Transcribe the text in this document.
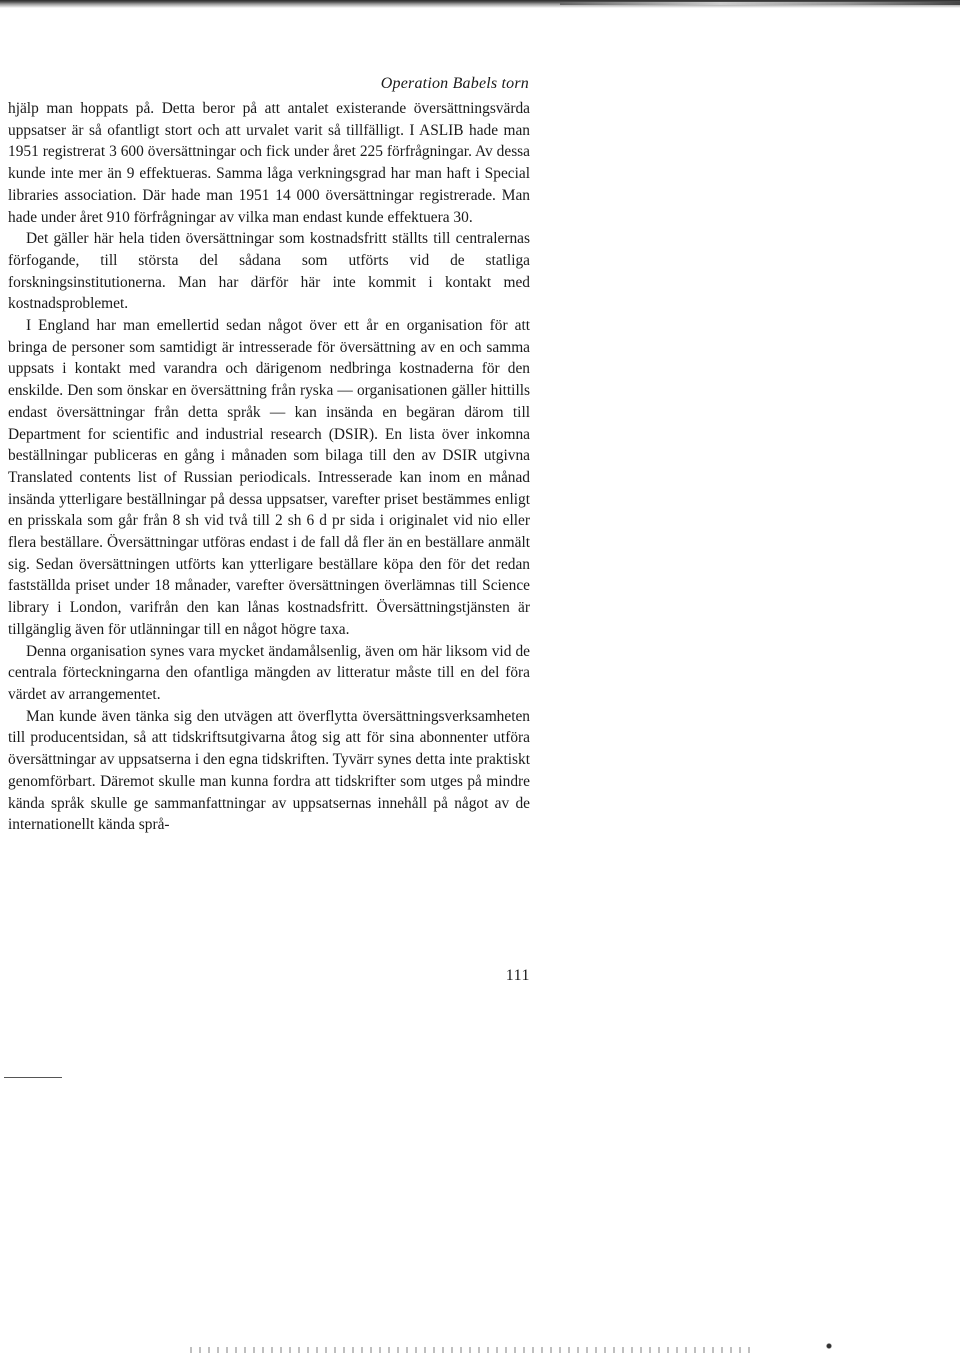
Operation Babels torn

hjälp man hoppats på. Detta beror på att antalet existerande översättningsvärda uppsatser är så ofantligt stort och att urvalet varit så tillfälligt. I ASLIB hade man 1951 registrerat 3 600 översättningar och fick under året 225 förfrågningar. Av dessa kunde inte mer än 9 effektueras. Samma låga verkningsgrad har man haft i Special libraries association. Där hade man 1951 14 000 översättningar registrerade. Man hade under året 910 förfrågningar av vilka man endast kunde effektuera 30.

Det gäller här hela tiden översättningar som kostnadsfritt ställts till centralernas förfogande, till största del sådana som utförts vid de statliga forskningsinstitutionerna. Man har därför här inte kommit i kontakt med kostnadsproblemet.

I England har man emellertid sedan något över ett år en organisation för att bringa de personer som samtidigt är intresserade för översättning av en och samma uppsats i kontakt med varandra och därigenom nedbringa kostnaderna för den enskilde. Den som önskar en översättning från ryska — organisationen gäller hittills endast översättningar från detta språk — kan insända en begäran därom till Department for scientific and industrial research (DSIR). En lista över inkomna beställningar publiceras en gång i månaden som bilaga till den av DSIR utgivna Translated contents list of Russian periodicals. Intresserade kan inom en månad insända ytterligare beställningar på dessa uppsatser, varefter priset bestämmes enligt en prisskala som går från 8 sh vid två till 2 sh 6 d pr sida i originalet vid nio eller flera beställare. Översättningar utföras endast i de fall då fler än en beställare anmält sig. Sedan översättningen utförts kan ytterligare beställare köpa den för det redan fastställda priset under 18 månader, varefter översättningen överlämnas till Science library i London, varifrån den kan lånas kostnadsfritt. Översättningstjänsten är tillgänglig även för utlänningar till en något högre taxa.

Denna organisation synes vara mycket ändamålsenlig, även om här liksom vid de centrala förteckningarna den ofantliga mängden av litteratur måste till en del föra värdet av arrangementet.

Man kunde även tänka sig den utvägen att överflytta översättningsverksamheten till producentsidan, så att tidskriftsutgivarna åtog sig att för sina abonnenter utföra översättningar av uppsatserna i den egna tidskriften. Tyvärr synes detta inte praktiskt genomförbart. Däremot skulle man kunna fordra att tidskrifter som utges på mindre kända språk skulle ge sammanfattningar av uppsatsernas innehåll på något av de internationellt kända språ-

111
